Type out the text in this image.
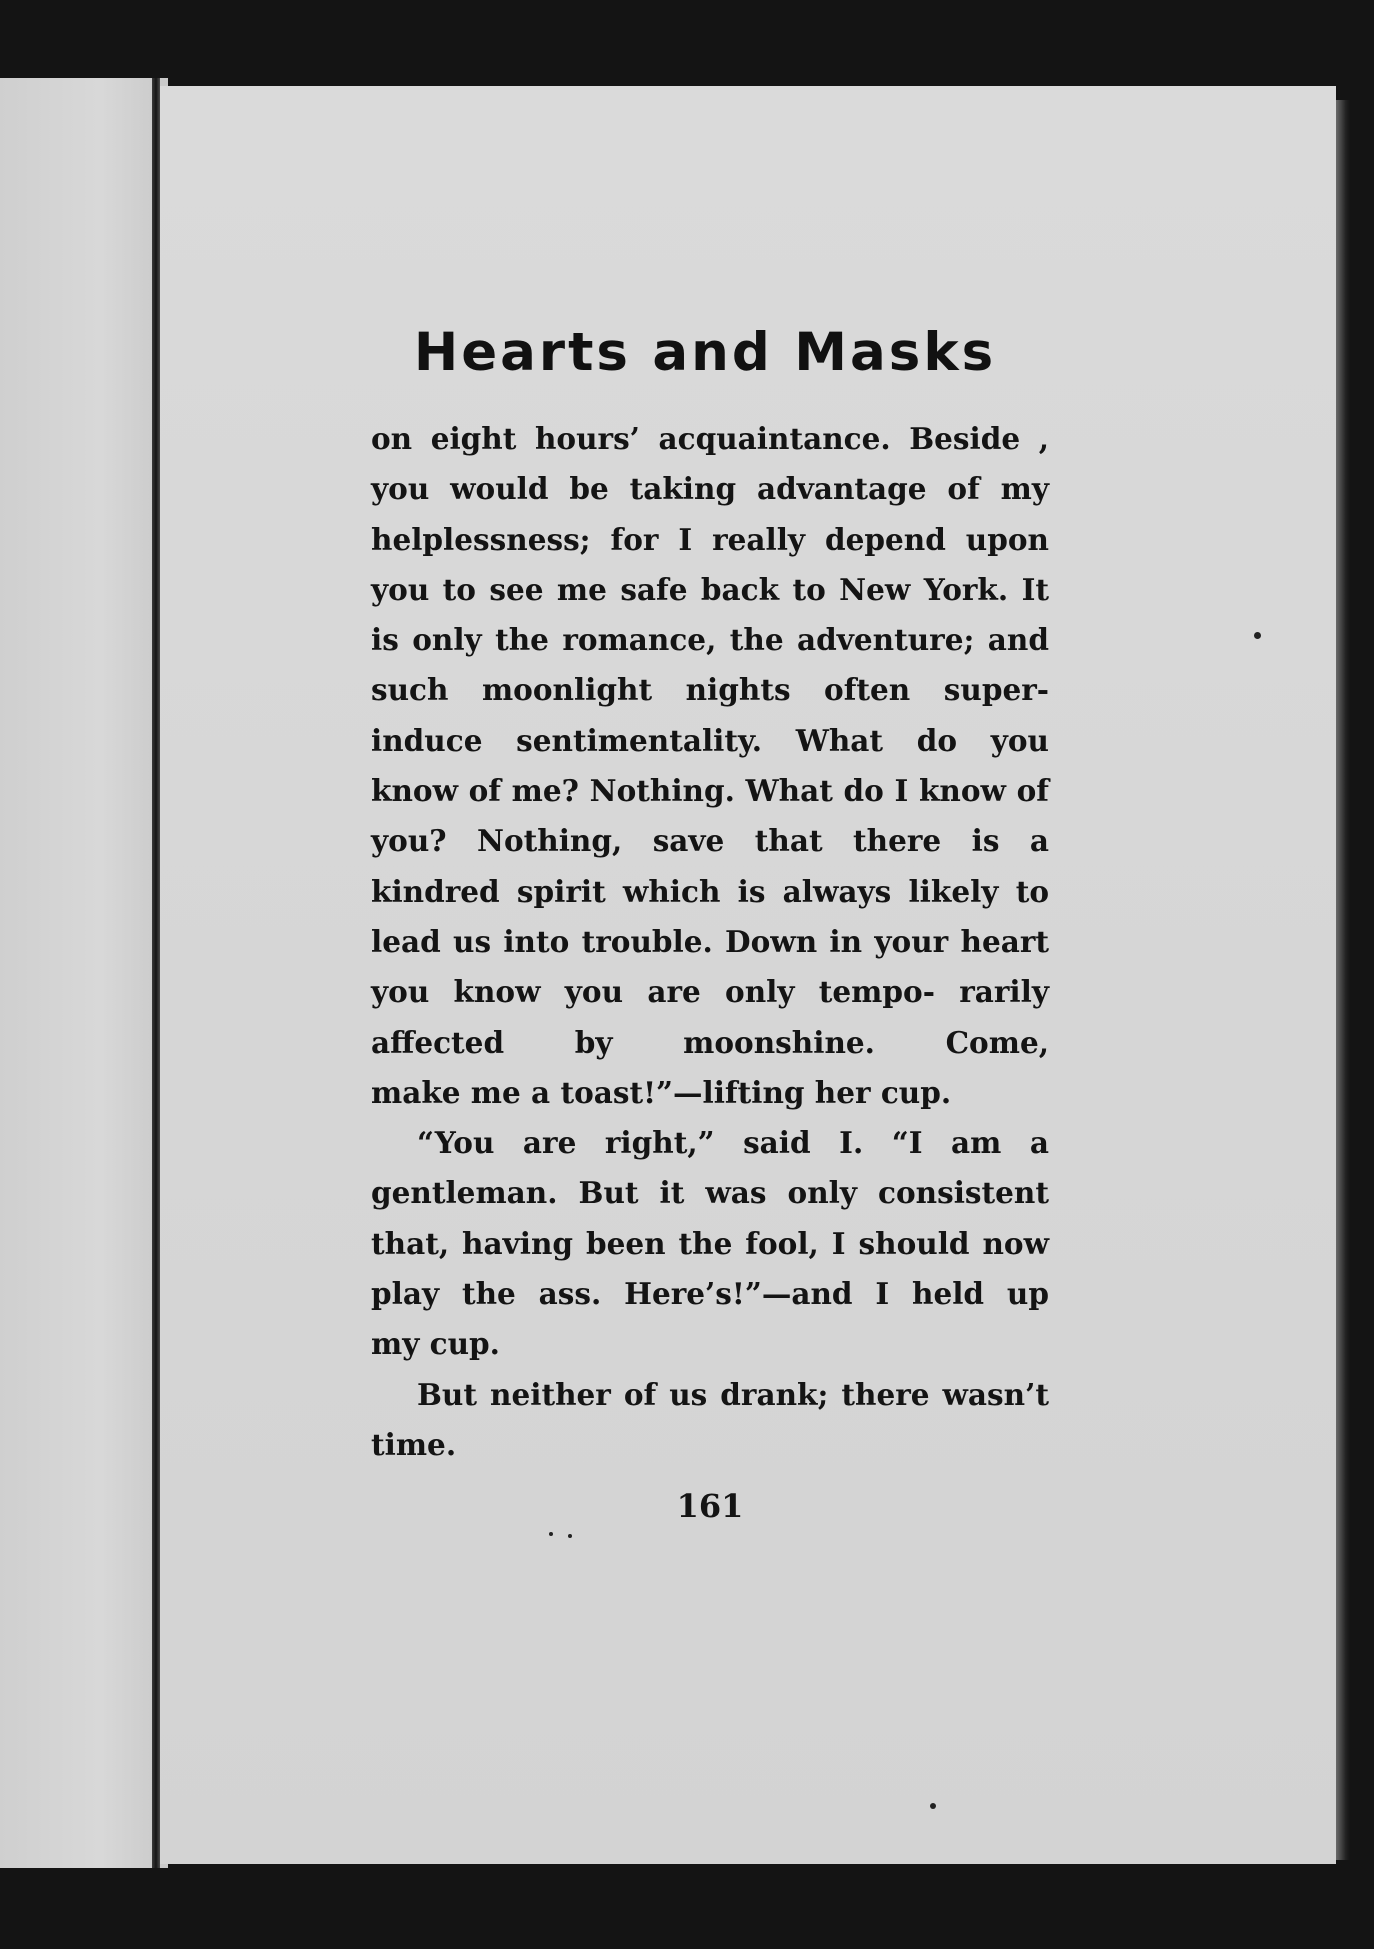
Hearts and Masks

on eight hours’ acquaintance. Beside , you would be taking advantage of my helplessness; for I really depend upon you to see me safe back to New York. It is only the romance, the adventure; and such moonlight nights often super- induce sentimentality. What do you know of me? Nothing. What do I know of you? Nothing, save that there is a kindred spirit which is always likely to lead us into trouble. Down in your heart you know you are only tempo- rarily affected by moonshine. Come,

make me a toast!”—lifting her cup.

“You are right,” said I. “I am a gentleman. But it was only consistent that, having been the fool, I should now play the ass. Here’s!”—and I held up

my cup.

But neither of us drank; there wasn’t

time.

161
